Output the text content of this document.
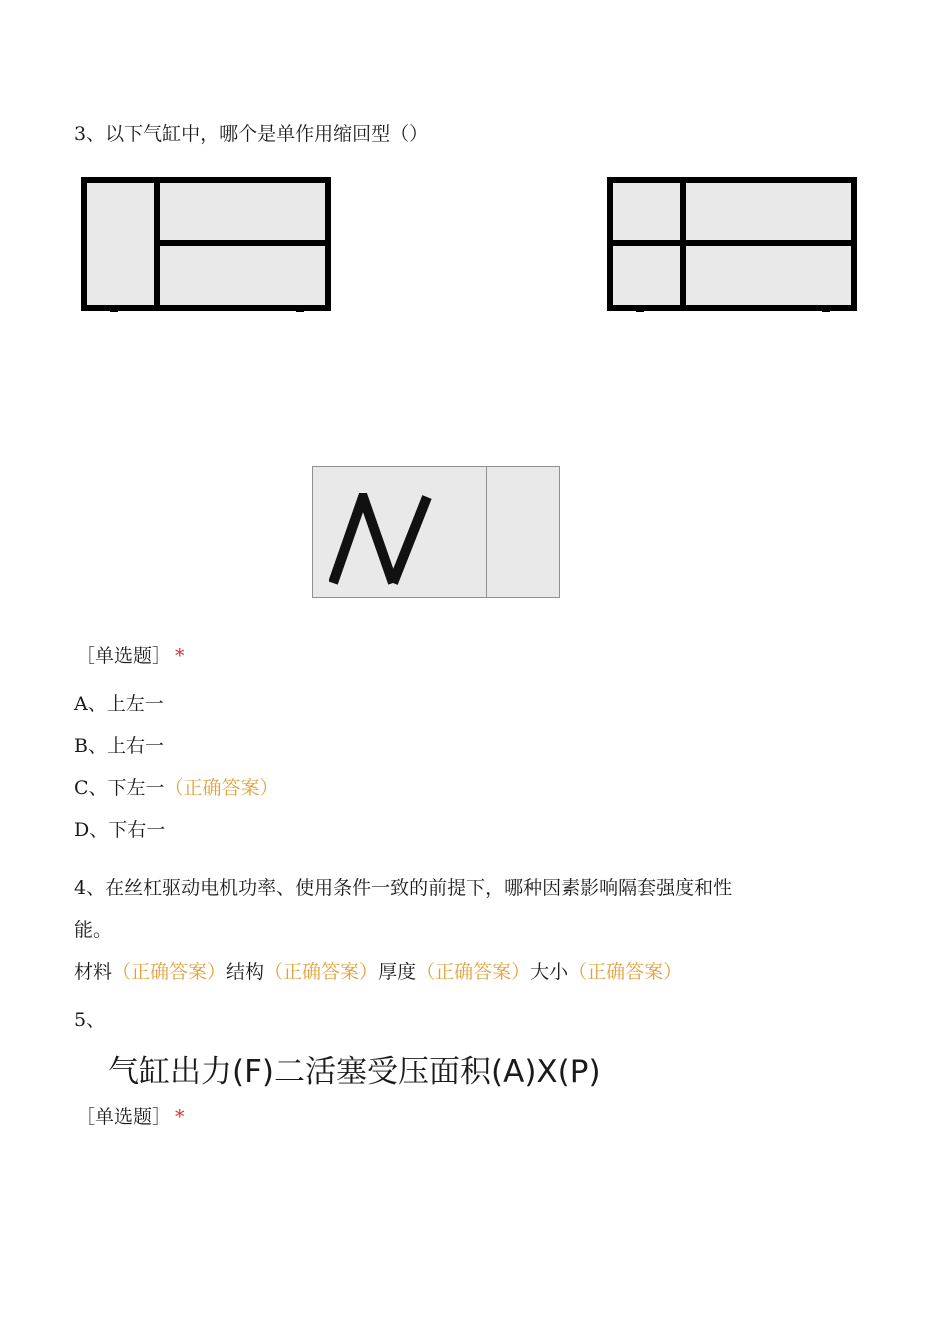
3、以下气缸中，哪个是单作用缩回型（）
［单选题］ *
A、上左一
B、上右一
C、下左一（正确答案）
D、下右一
4、在丝杠驱动电机功率、使用条件一致的前提下，哪种因素影响隔套强度和性
能。
材料（正确答案）结构（正确答案）厚度（正确答案）大小（正确答案）
5、
气缸出力(F)二活塞受压面积(A)X(P)
［单选题］ *
